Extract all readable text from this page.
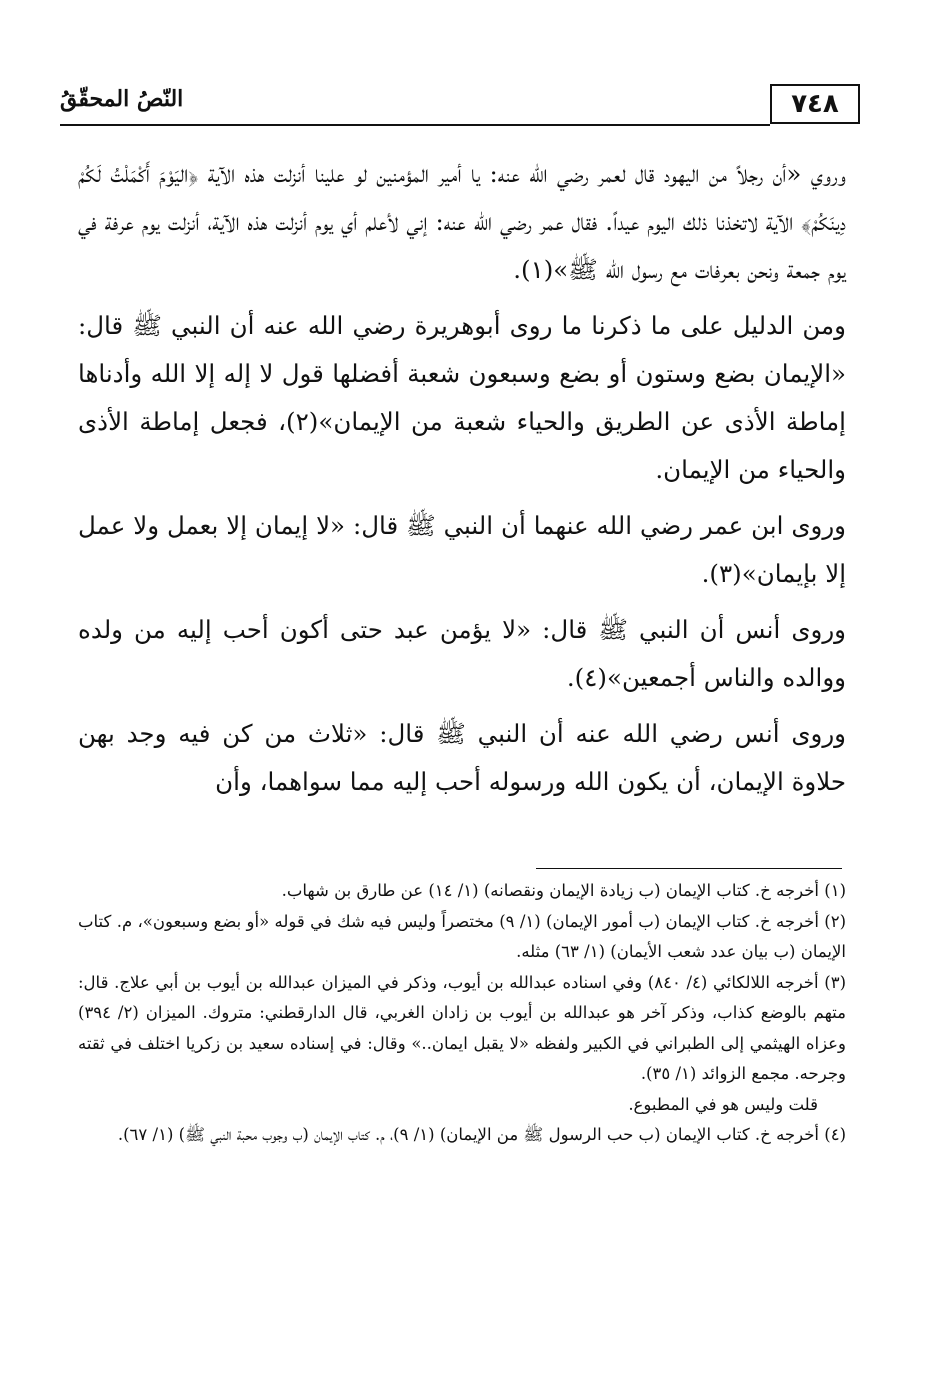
النّصُ المحقّقُ	٧٤٨

وروي «أن رجلاً من اليهود قال لعمر رضي الله عنه: يا أمير المؤمنين لو علينا أنزلت هذه الآية ﴿اليَوْمَ أَكْمَلْتُ لَكُمْ دِينَكُمْ﴾ الآية لاتخذنا ذلك اليوم عيداً. فقال عمر رضي الله عنه: إني لأعلم أي يوم أنزلت هذه الآية، أنزلت يوم عرفة في يوم جمعة ونحن بعرفات مع رسول الله ﷺ»(١).

ومن الدليل على ما ذكرنا ما روى أبوهريرة رضي الله عنه أن النبي ﷺ قال: «الإيمان بضع وستون أو بضع وسبعون شعبة أفضلها قول لا إله إلا الله وأدناها إماطة الأذى عن الطريق والحياء شعبة من الإيمان»(٢)، فجعل إماطة الأذى والحياء من الإيمان.

وروى ابن عمر رضي الله عنهما أن النبي ﷺ قال: «لا إيمان إلا بعمل ولا عمل إلا بإيمان»(٣).

وروى أنس أن النبي ﷺ قال: «لا يؤمن عبد حتى أكون أحب إليه من ولده ووالده والناس أجمعين»(٤).

وروى أنس رضي الله عنه أن النبي ﷺ قال: «ثلاث من كن فيه وجد بهن حلاوة الإيمان، أن يكون الله ورسوله أحب إليه مما سواهما، وأن

(١) أخرجه خ. كتاب الإيمان (ب زيادة الإيمان ونقصانه) (١/ ١٤) عن طارق بن شهاب.

(٢) أخرجه خ. كتاب الإيمان (ب أمور الإيمان) (١/ ٩) مختصراً وليس فيه شك في قوله «أو بضع وسبعون»، م. كتاب الإيمان (ب بيان عدد شعب الأيمان) (١/ ٦٣) مثله.

(٣) أخرجه اللالكائي (٤/ ٨٤٠) وفي اسناده عبدالله بن أيوب، وذكر في الميزان عبدالله بن أيوب بن أبي علاج. قال: متهم بالوضع كذاب، وذكر آخر هو عبدالله بن أيوب بن زادان الغربي، قال الدارقطني: متروك. الميزان (٢/ ٣٩٤) وعزاه الهيثمي إلى الطبراني في الكبير ولفظه «لا يقبل ايمان..» وقال: في إسناده سعيد بن زكريا اختلف في ثقته وجرحه. مجمع الزوائد (١/ ٣٥).

قلت وليس هو في المطبوع.

(٤) أخرجه خ. كتاب الإيمان (ب حب الرسول ﷺ من الإيمان) (١/ ٩)، م. كتاب الإيمان (ب وجوب محبة النبي ﷺ) (١/ ٦٧).
